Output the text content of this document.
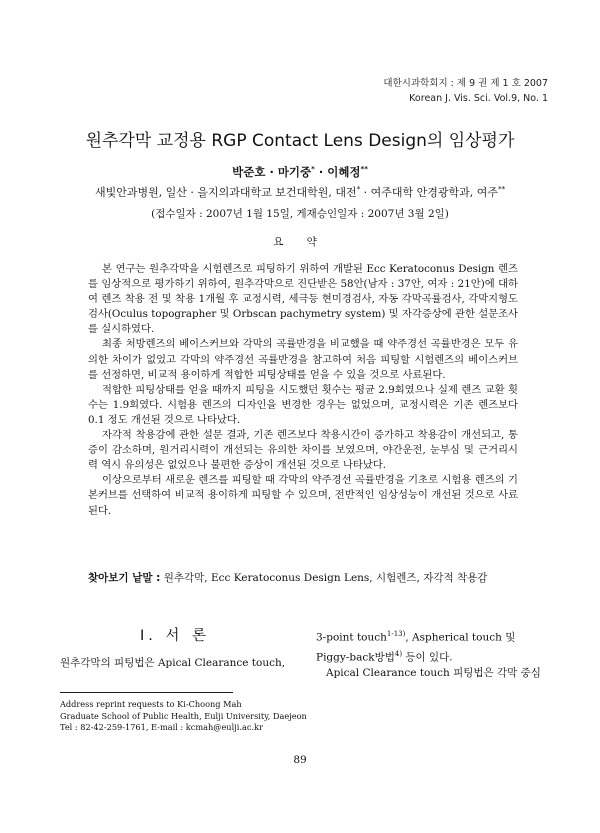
대한시과학회지 : 제 9 권 제 1 호 2007
Korean J. Vis. Sci. Vol.9, No. 1
원추각막 교정용 RGP Contact Lens Design의 임상평가
박준호 · 마기중* · 이혜정**
새빛안과병원, 일산 · 을지의과대학교 보건대학원, 대전* · 여주대학 안경광학과, 여주**
(접수일자 : 2007년 1월 15일, 게재승인일자 : 2007년 3월 2일)
요 약

본 연구는 원추각막을 시험렌즈로 피팅하기 위하여 개발된 Ecc Keratoconus Design 렌즈를 임상적으로 평가하기 위하여, 원추각막으로 진단받은 58안(남자 : 37안, 여자 : 21안)에 대하여 렌즈 착용 전 및 착용 1개월 후 교정시력, 세극등 현미경검사, 자동 각막곡률검사, 각막지형도검사(Oculus topographer 및 Orbscan pachymetry system) 및 자각증상에 관한 설문조사를 실시하였다.

최종 처방렌즈의 베이스커브와 각막의 곡률반경을 비교했을 때 약주경선 곡률반경은 모두 유의한 차이가 없었고 각막의 약주경선 곡률반경을 참고하여 처음 피팅할 시험렌즈의 베이스커브를 선정하면, 비교적 용이하게 적합한 피팅상태를 얻을 수 있을 것으로 사료된다.

적합한 피팅상태를 얻을 때까지 피팅을 시도했던 횟수는 평균 2.9회였으나 실제 렌즈 교환 횟수는 1.9회였다. 시험용 렌즈의 디자인을 변경한 경우는 없었으며, 교정시력은 기존 렌즈보다 0.1 정도 개선된 것으로 나타났다.

자각적 착용감에 관한 설문 결과, 기존 렌즈보다 착용시간이 증가하고 착용감이 개선되고, 통증이 감소하며, 원거리시력이 개선되는 유의한 차이를 보였으며, 야간운전, 눈부심 및 근거리시력 역시 유의성은 없었으나 불편한 증상이 개선된 것으로 나타났다.

이상으로부터 새로운 렌즈를 피팅할 때 각막의 약주경선 곡률반경을 기초로 시험용 렌즈의 기본커브를 선택하여 비교적 용이하게 피팅할 수 있으며, 전반적인 임상성능이 개선된 것으로 사료된다.

찾아보기 낱말 : 원추각막, Ecc Keratoconus Design Lens, 시험렌즈, 자각적 착용감
I. 서 론
원추각막의 피팅법은 Apical Clearance touch,

3-point touch$^{1-13)}$, Aspherical touch 및

Piggy-back방법$^{4)}$ 등이 있다.

Apical Clearance touch 피팅법은 각막 중심

Address reprint requests to Ki-Choong Mah
Graduate School of Public Health, Eulji University, Daejeon
Tel : 82-42-259-1761, E-mail : kcmah@eulji.ac.kr
89
